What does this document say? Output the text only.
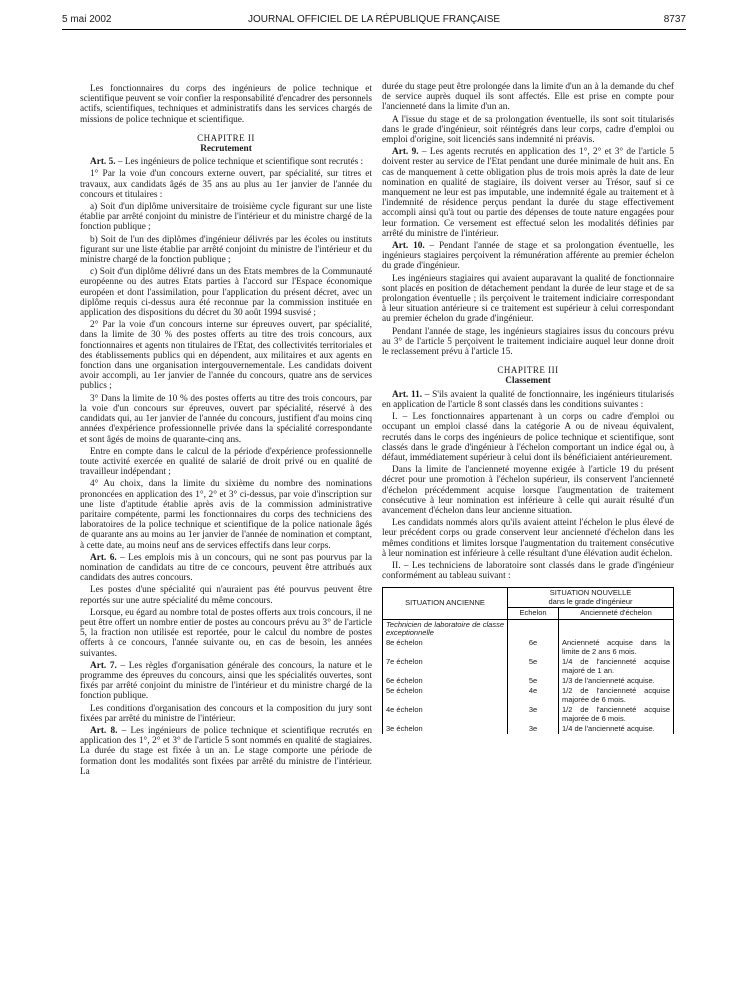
5 mai 2002	JOURNAL OFFICIEL DE LA RÉPUBLIQUE FRANÇAISE	8737

Les fonctionnaires du corps des ingénieurs de police technique et scientifique peuvent se voir confier la responsabilité d'encadrer des personnels actifs, scientifiques, techniques et administratifs dans les services chargés de missions de police technique et scientifique.

CHAPITRE II
Recrutement

Art. 5. – Les ingénieurs de police technique et scientifique sont recrutés :

1° Par la voie d'un concours externe ouvert, par spécialité, sur titres et travaux, aux candidats âgés de 35 ans au plus au 1er janvier de l'année du concours et titulaires :

a) Soit d'un diplôme universitaire de troisième cycle figurant sur une liste établie par arrêté conjoint du ministre de l'intérieur et du ministre chargé de la fonction publique ;

b) Soit de l'un des diplômes d'ingénieur délivrés par les écoles ou instituts figurant sur une liste établie par arrêté conjoint du ministre de l'intérieur et du ministre chargé de la fonction publique ;

c) Soit d'un diplôme délivré dans un des Etats membres de la Communauté européenne ou des autres Etats parties à l'accord sur l'Espace économique européen et dont l'assimilation, pour l'application du présent décret, avec un diplôme requis ci-dessus aura été reconnue par la commission instituée en application des dispositions du décret du 30 août 1994 susvisé ;

2° Par la voie d'un concours interne sur épreuves ouvert, par spécialité, dans la limite de 30 % des postes offerts au titre des trois concours, aux fonctionnaires et agents non titulaires de l'Etat, des collectivités territoriales et des établissements publics qui en dépendent, aux militaires et aux agents en fonction dans une organisation intergouvernementale. Les candidats doivent avoir accompli, au 1er janvier de l'année du concours, quatre ans de services publics ;

3° Dans la limite de 10 % des postes offerts au titre des trois concours, par la voie d'un concours sur épreuves, ouvert par spécialité, réservé à des candidats qui, au 1er janvier de l'année du concours, justifient d'au moins cinq années d'expérience professionnelle privée dans la spécialité correspondante et sont âgés de moins de quarante-cinq ans.

Entre en compte dans le calcul de la période d'expérience professionnelle toute activité exercée en qualité de salarié de droit privé ou en qualité de travailleur indépendant ;

4° Au choix, dans la limite du sixième du nombre des nominations prononcées en application des 1°, 2° et 3° ci-dessus, par voie d'inscription sur une liste d'aptitude établie après avis de la commission administrative paritaire compétente, parmi les fonctionnaires du corps des techniciens des laboratoires de la police technique et scientifique de la police nationale âgés de quarante ans au moins au 1er janvier de l'année de nomination et comptant, à cette date, au moins neuf ans de services effectifs dans leur corps.

Art. 6. – Les emplois mis à un concours, qui ne sont pas pourvus par la nomination de candidats au titre de ce concours, peuvent être attribués aux candidats des autres concours.

Les postes d'une spécialité qui n'auraient pas été pourvus peuvent être reportés sur une autre spécialité du même concours.

Lorsque, eu égard au nombre total de postes offerts aux trois concours, il ne peut être offert un nombre entier de postes au concours prévu au 3° de l'article 5, la fraction non utilisée est reportée, pour le calcul du nombre de postes offerts à ce concours, l'année suivante ou, en cas de besoin, les années suivantes.

Art. 7. – Les règles d'organisation générale des concours, la nature et le programme des épreuves du concours, ainsi que les spécialités ouvertes, sont fixés par arrêté conjoint du ministre de l'intérieur et du ministre chargé de la fonction publique.

Les conditions d'organisation des concours et la composition du jury sont fixées par arrêté du ministre de l'intérieur.

Art. 8. – Les ingénieurs de police technique et scientifique recrutés en application des 1°, 2° et 3° de l'article 5 sont nommés en qualité de stagiaires. La durée du stage est fixée à un an. Le stage comporte une période de formation dont les modalités sont fixées par arrêté du ministre de l'intérieur. La

durée du stage peut être prolongée dans la limite d'un an à la demande du chef de service auprès duquel ils sont affectés. Elle est prise en compte pour l'ancienneté dans la limite d'un an.

A l'issue du stage et de sa prolongation éventuelle, ils sont soit titularisés dans le grade d'ingénieur, soit réintégrés dans leur corps, cadre d'emploi ou emploi d'origine, soit licenciés sans indemnité ni préavis.

Art. 9. – Les agents recrutés en application des 1°, 2° et 3° de l'article 5 doivent rester au service de l'Etat pendant une durée minimale de huit ans. En cas de manquement à cette obligation plus de trois mois après la date de leur nomination en qualité de stagiaire, ils doivent verser au Trésor, sauf si ce manquement ne leur est pas imputable, une indemnité égale au traitement et à l'indemnité de résidence perçus pendant la durée du stage effectivement accompli ainsi qu'à tout ou partie des dépenses de toute nature engagées pour leur formation. Ce versement est effectué selon les modalités définies par arrêté du ministre de l'intérieur.

Art. 10. – Pendant l'année de stage et sa prolongation éventuelle, les ingénieurs stagiaires perçoivent la rémunération afférente au premier échelon du grade d'ingénieur.

Les ingénieurs stagiaires qui avaient auparavant la qualité de fonctionnaire sont placés en position de détachement pendant la durée de leur stage et de sa prolongation éventuelle ; ils perçoivent le traitement indiciaire correspondant à leur situation antérieure si ce traitement est supérieur à celui correspondant au premier échelon du grade d'ingénieur.

Pendant l'année de stage, les ingénieurs stagiaires issus du concours prévu au 3° de l'article 5 perçoivent le traitement indiciaire auquel leur donne droit le reclassement prévu à l'article 15.

CHAPITRE III
Classement

Art. 11. – S'ils avaient la qualité de fonctionnaire, les ingénieurs titularisés en application de l'article 8 sont classés dans les conditions suivantes :

I. – Les fonctionnaires appartenant à un corps ou cadre d'emploi ou occupant un emploi classé dans la catégorie A ou de niveau équivalent, recrutés dans le corps des ingénieurs de police technique et scientifique, sont classés dans le grade d'ingénieur à l'échelon comportant un indice égal ou, à défaut, immédiatement supérieur à celui dont ils bénéficiaient antérieurement.

Dans la limite de l'ancienneté moyenne exigée à l'article 19 du présent décret pour une promotion à l'échelon supérieur, ils conservent l'ancienneté d'échelon précédemment acquise lorsque l'augmentation de traitement consécutive à leur nomination est inférieure à celle qui aurait résulté d'un avancement d'échelon dans leur ancienne situation.

Les candidats nommés alors qu'ils avaient atteint l'échelon le plus élevé de leur précédent corps ou grade conservent leur ancienneté d'échelon dans les mêmes conditions et limites lorsque l'augmentation du traitement consécutive à leur nomination est inférieure à celle résultant d'une élévation audit échelon.

II. – Les techniciens de laboratoire sont classés dans le grade d'ingénieur conformément au tableau suivant :

SITUATION ANCIENNE	SITUATION NOUVELLE
dans le grade d'ingénieur	
	Echelon	Ancienneté d'échelon
Technicien de laboratoire de classe exceptionnelle		
8e échelon	6e	Ancienneté acquise dans la limite de 2 ans 6 mois.
7e échelon	5e	1/4 de l'ancienneté acquise majoré de 1 an.
6e échelon	5e	1/3 de l'ancienneté acquise.
5e échelon	4e	1/2 de l'ancienneté acquise majorée de 6 mois.
4e échelon	3e	1/2 de l'ancienneté acquise majorée de 6 mois.
3e échelon	3e	1/4 de l'ancienneté acquise.
